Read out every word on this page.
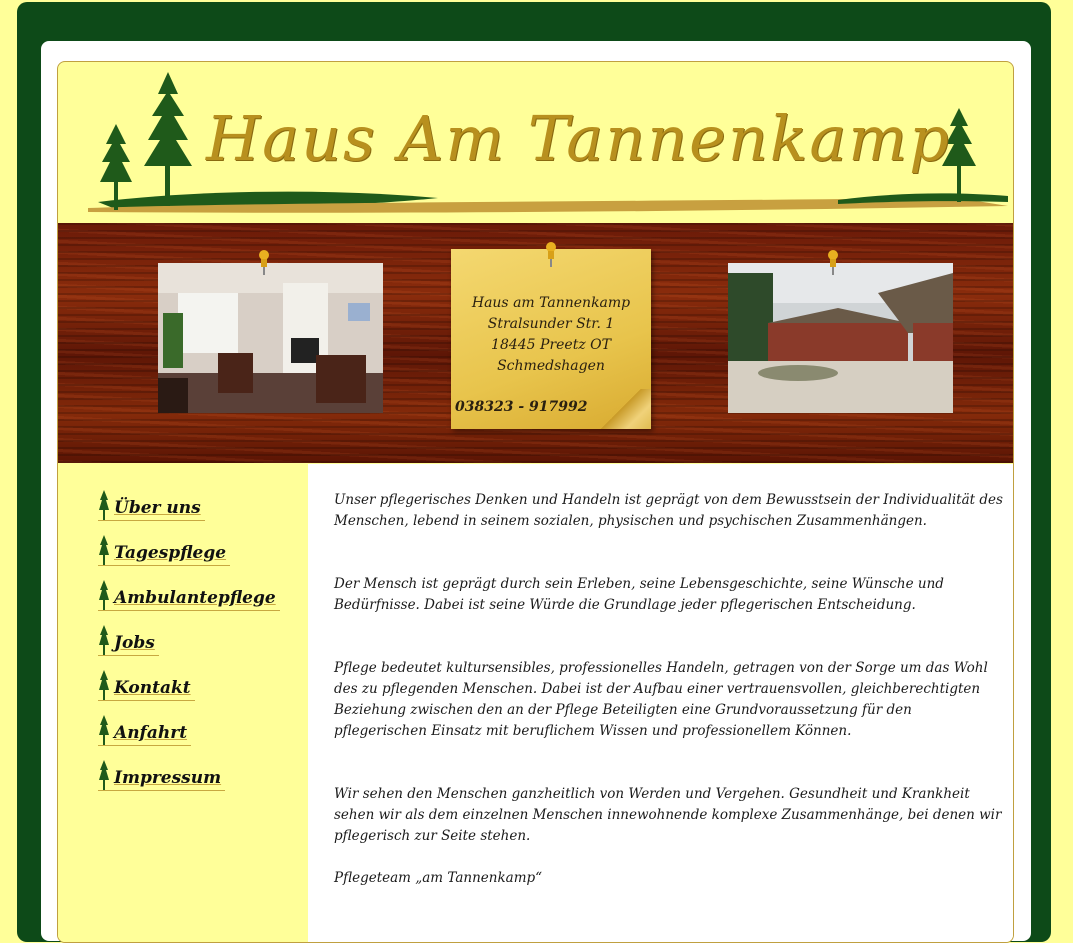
Haus Am Tannenkamp
Haus am Tannenkamp
Stralsunder Str. 1
18445 Preetz OT
Schmedshagen
038323 - 917992
Über uns
Tagespflege
Ambulantepflege
Jobs
Kontakt
Anfahrt
Impressum

Unser pflegerisches Denken und Handeln ist geprägt von dem Bewusstsein der Individualität des Menschen, lebend in seinem sozialen, physischen und psychischen Zusammenhängen.

Der Mensch ist geprägt durch sein Erleben, seine Lebensgeschichte, seine Wünsche und Bedürfnisse. Dabei ist seine Würde die Grundlage jeder pflegerischen Entscheidung.

Pflege bedeutet kultursensibles, professionelles Handeln, getragen von der Sorge um das Wohl des zu pflegenden Menschen. Dabei ist der Aufbau einer vertrauensvollen, gleichberechtigten Beziehung zwischen den an der Pflege Beteiligten eine Grundvoraussetzung für den pflegerischen Einsatz mit beruflichem Wissen und professionellem Können.

Wir sehen den Menschen ganzheitlich von Werden und Vergehen. Gesundheit und Krankheit sehen wir als dem einzelnen Menschen innewohnende komplexe Zusammenhänge, bei denen wir pflegerisch zur Seite stehen.

Pflegeteam „am Tannenkamp“
